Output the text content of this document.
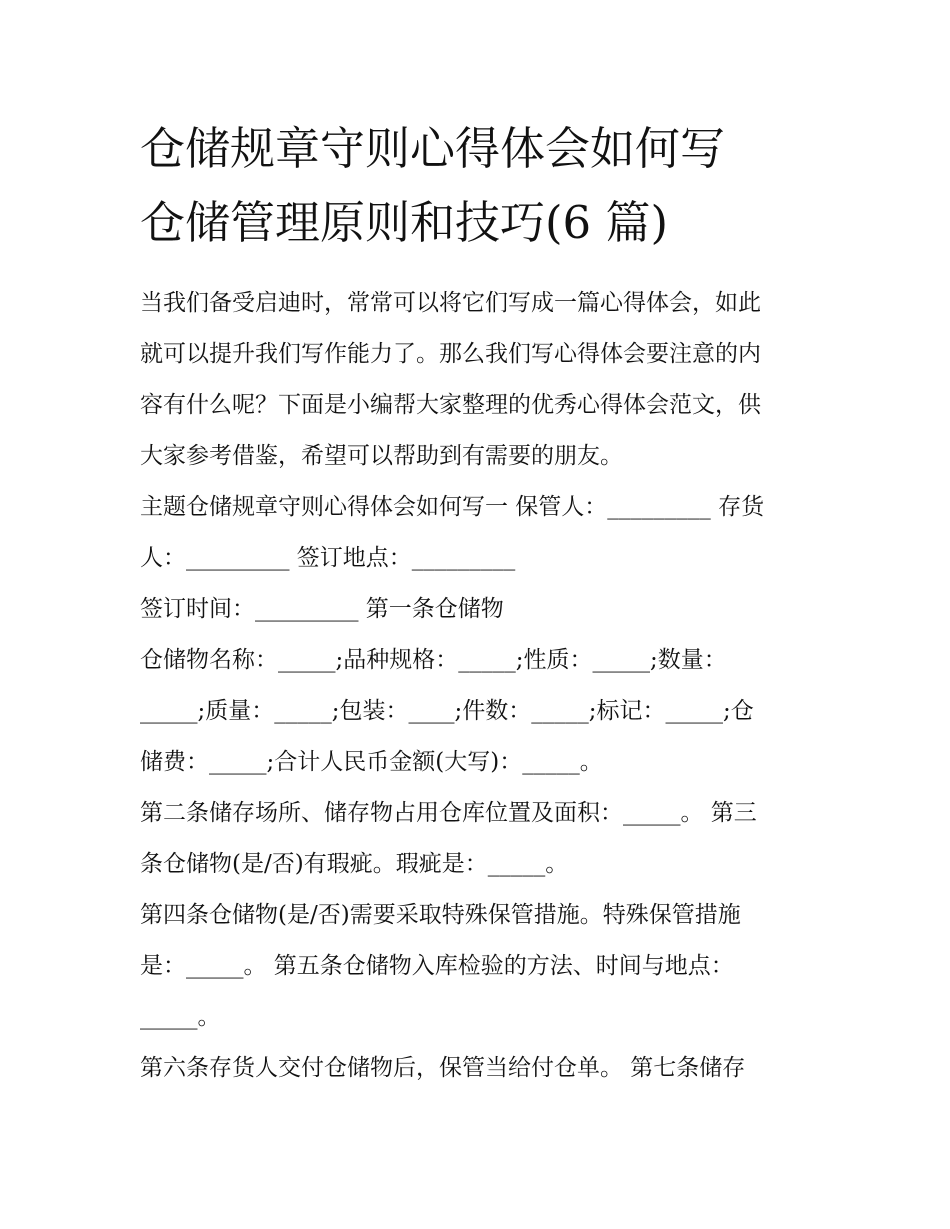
仓储规章守则心得体会如何写
仓储管理原则和技巧(6 篇)

当我们备受启迪时，常常可以将它们写成一篇心得体会，如此
就可以提升我们写作能力了。那么我们写心得体会要注意的内
容有什么呢？下面是小编帮大家整理的优秀心得体会范文，供
大家参考借鉴，希望可以帮助到有需要的朋友。

主题仓储规章守则心得体会如何写一 保管人：_________ 存货
人：_________ 签订地点：_________

签订时间：_________ 第一条仓储物

仓储物名称：_____;品种规格：_____;性质：_____;数量：
_____;质量：_____;包装：____;件数：_____;标记：_____;仓
储费：_____;合计人民币金额(大写)：_____。

第二条储存场所、储存物占用仓库位置及面积：_____。 第三
条仓储物(是/否)有瑕疵。瑕疵是：_____。

第四条仓储物(是/否)需要采取特殊保管措施。特殊保管措施
是：_____。 第五条仓储物入库检验的方法、时间与地点：
_____。

第六条存货人交付仓储物后，保管当给付仓单。 第七条储存
